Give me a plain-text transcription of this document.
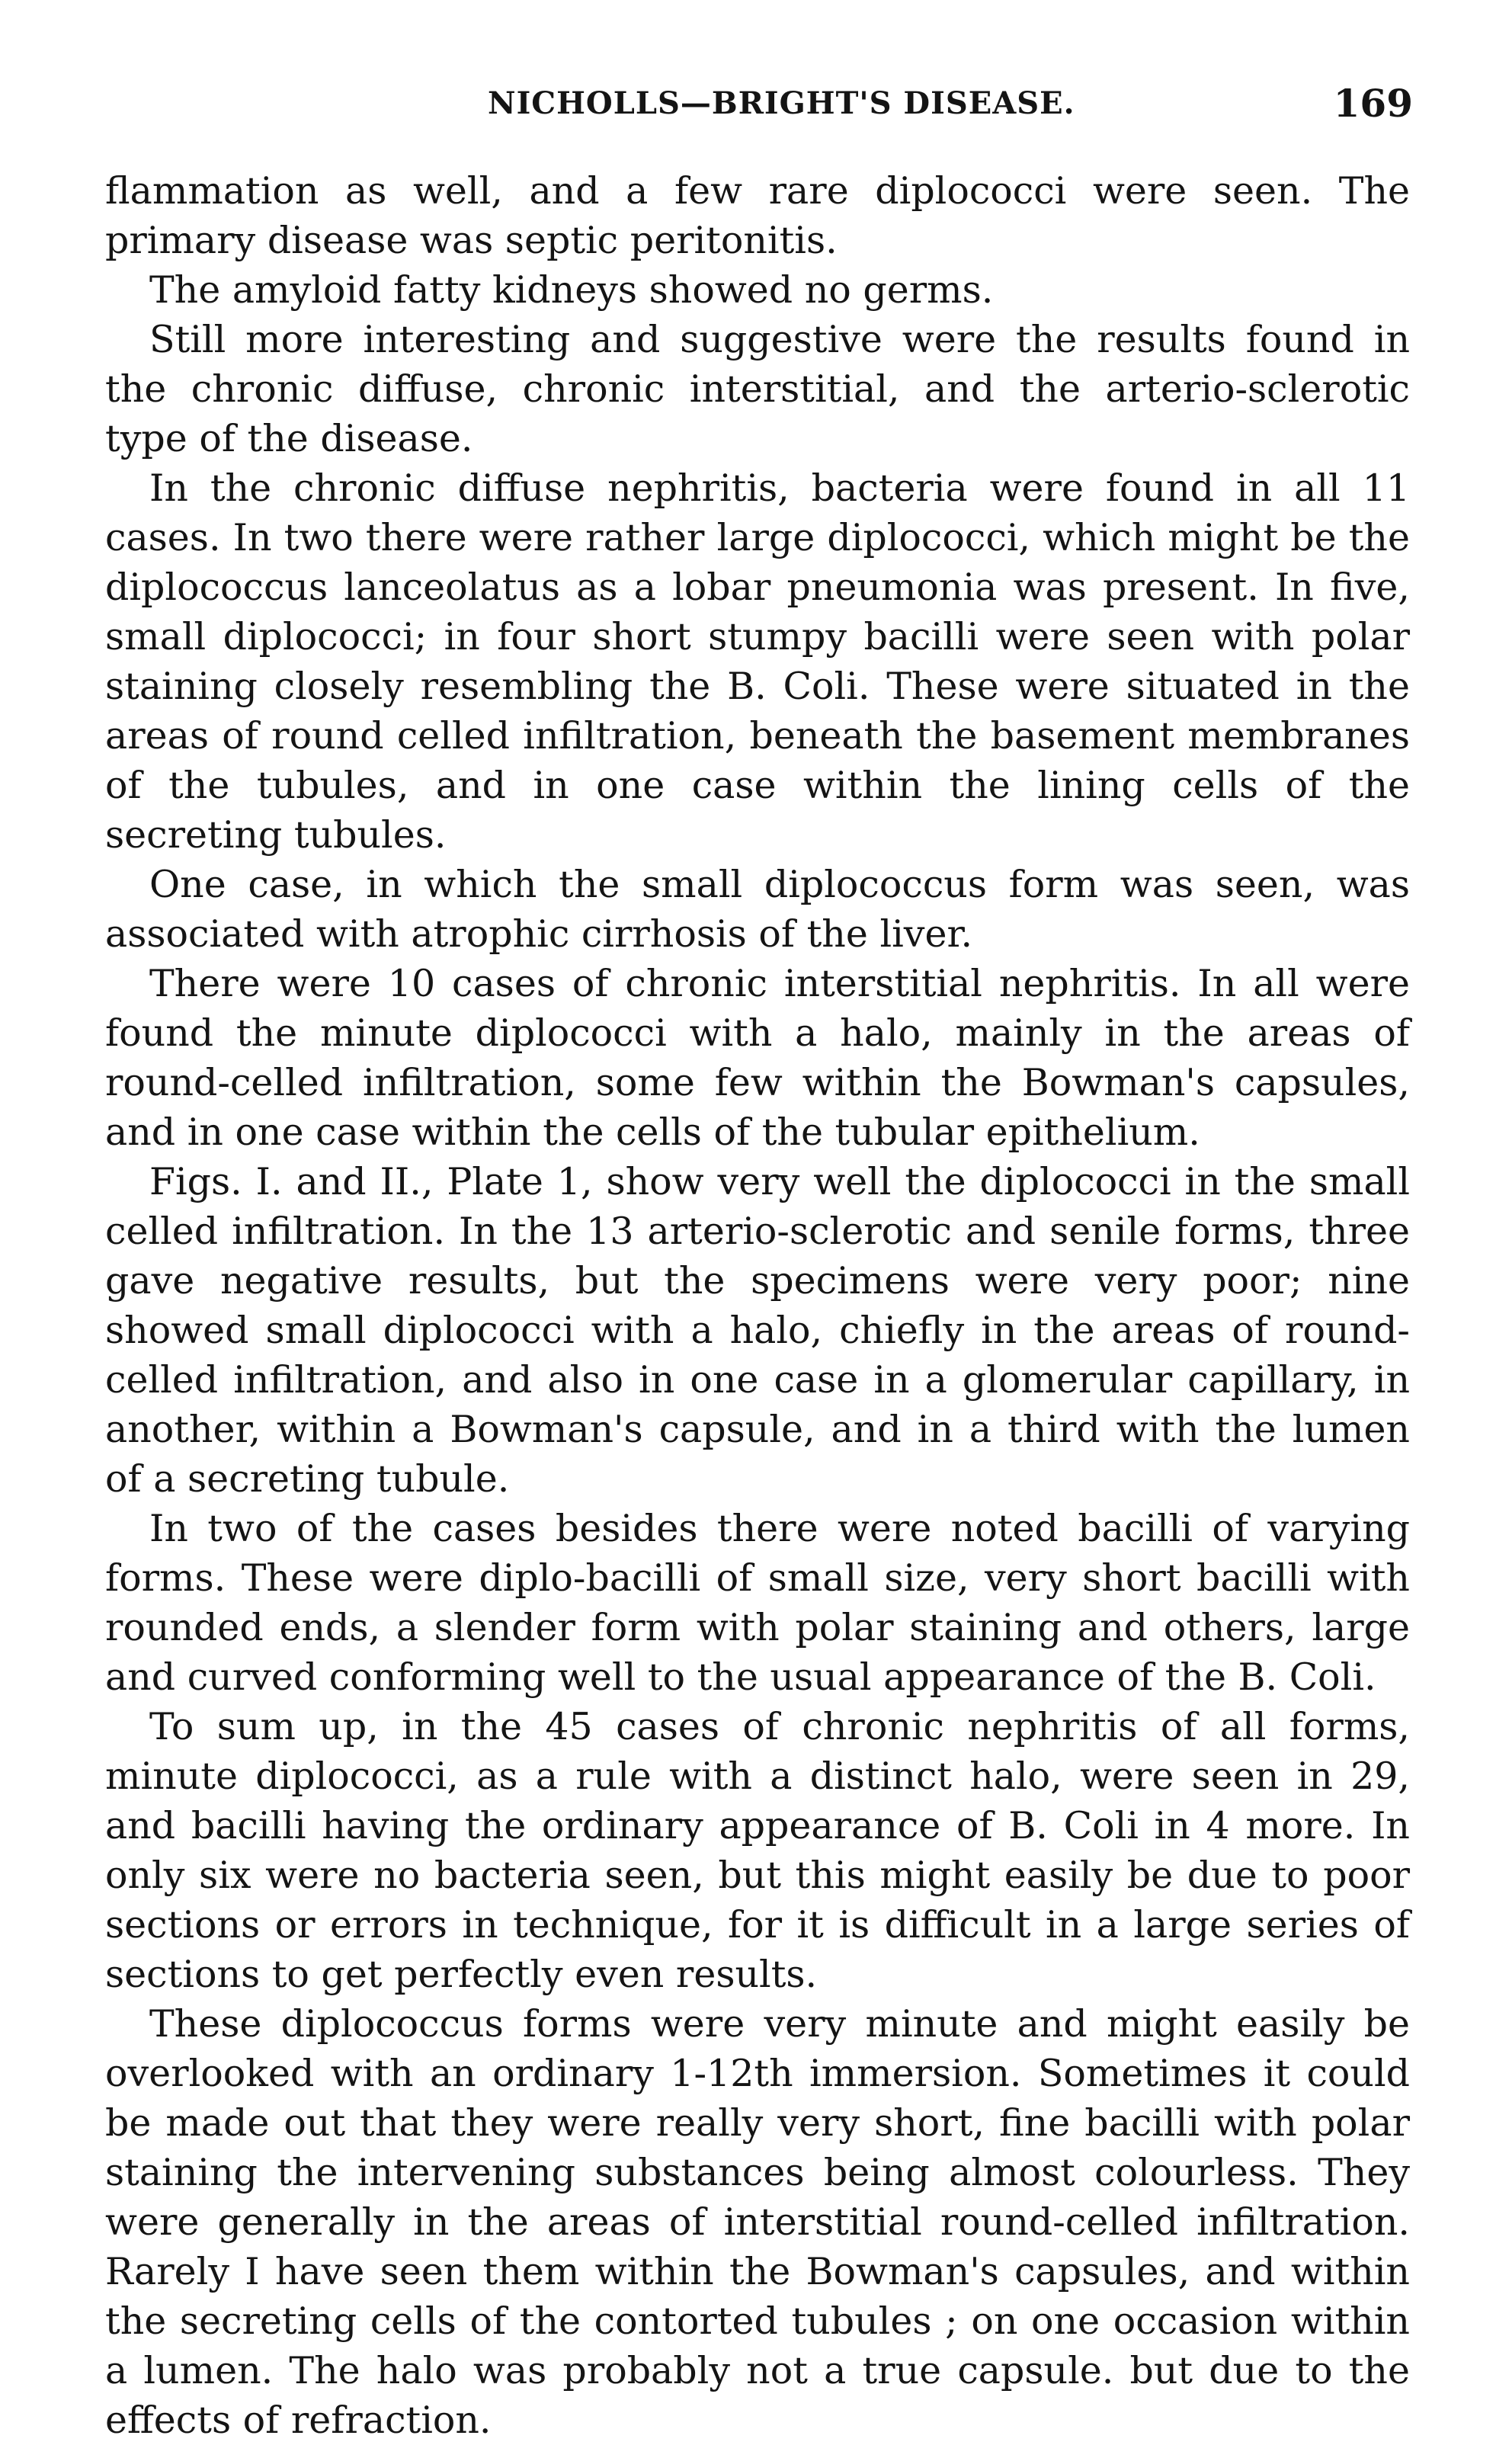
NICHOLLS—BRIGHT'S DISEASE.	169

flammation as well, and a few rare diplococci were seen. The primary disease was septic peritonitis.

The amyloid fatty kidneys showed no germs.

Still more interesting and suggestive were the results found in the chronic diffuse, chronic interstitial, and the arterio-sclerotic type of the disease.

In the chronic diffuse nephritis, bacteria were found in all 11 cases. In two there were rather large diplococci, which might be the diplococcus lanceolatus as a lobar pneumonia was present. In five, small diplococci; in four short stumpy bacilli were seen with polar staining closely resembling the B. Coli. These were situated in the areas of round celled infiltration, beneath the basement membranes of the tubules, and in one case within the lining cells of the secreting tubules.

One case, in which the small diplococcus form was seen, was associated with atrophic cirrhosis of the liver.

There were 10 cases of chronic interstitial nephritis. In all were found the minute diplococci with a halo, mainly in the areas of round-celled infiltration, some few within the Bowman's capsules, and in one case within the cells of the tubular epithelium.

Figs. I. and II., Plate 1, show very well the diplococci in the small celled infiltration. In the 13 arterio-sclerotic and senile forms, three gave negative results, but the specimens were very poor; nine showed small diplococci with a halo, chiefly in the areas of round-celled infiltration, and also in one case in a glomerular capillary, in another, within a Bowman's capsule, and in a third with the lumen of a secreting tubule.

In two of the cases besides there were noted bacilli of varying forms. These were diplo-bacilli of small size, very short bacilli with rounded ends, a slender form with polar staining and others, large and curved conforming well to the usual appearance of the B. Coli.

To sum up, in the 45 cases of chronic nephritis of all forms, minute diplococci, as a rule with a distinct halo, were seen in 29, and bacilli having the ordinary appearance of B. Coli in 4 more. In only six were no bacteria seen, but this might easily be due to poor sections or errors in technique, for it is difficult in a large series of sections to get perfectly even results.

These diplococcus forms were very minute and might easily be overlooked with an ordinary 1-12th immersion. Sometimes it could be made out that they were really very short, fine bacilli with polar staining the intervening substances being almost colourless. They were generally in the areas of interstitial round-celled infiltration. Rarely I have seen them within the Bowman's capsules, and within the secreting cells of the contorted tubules ; on one occasion within a lumen. The halo was probably not a true capsule. but due to the effects of refraction.
